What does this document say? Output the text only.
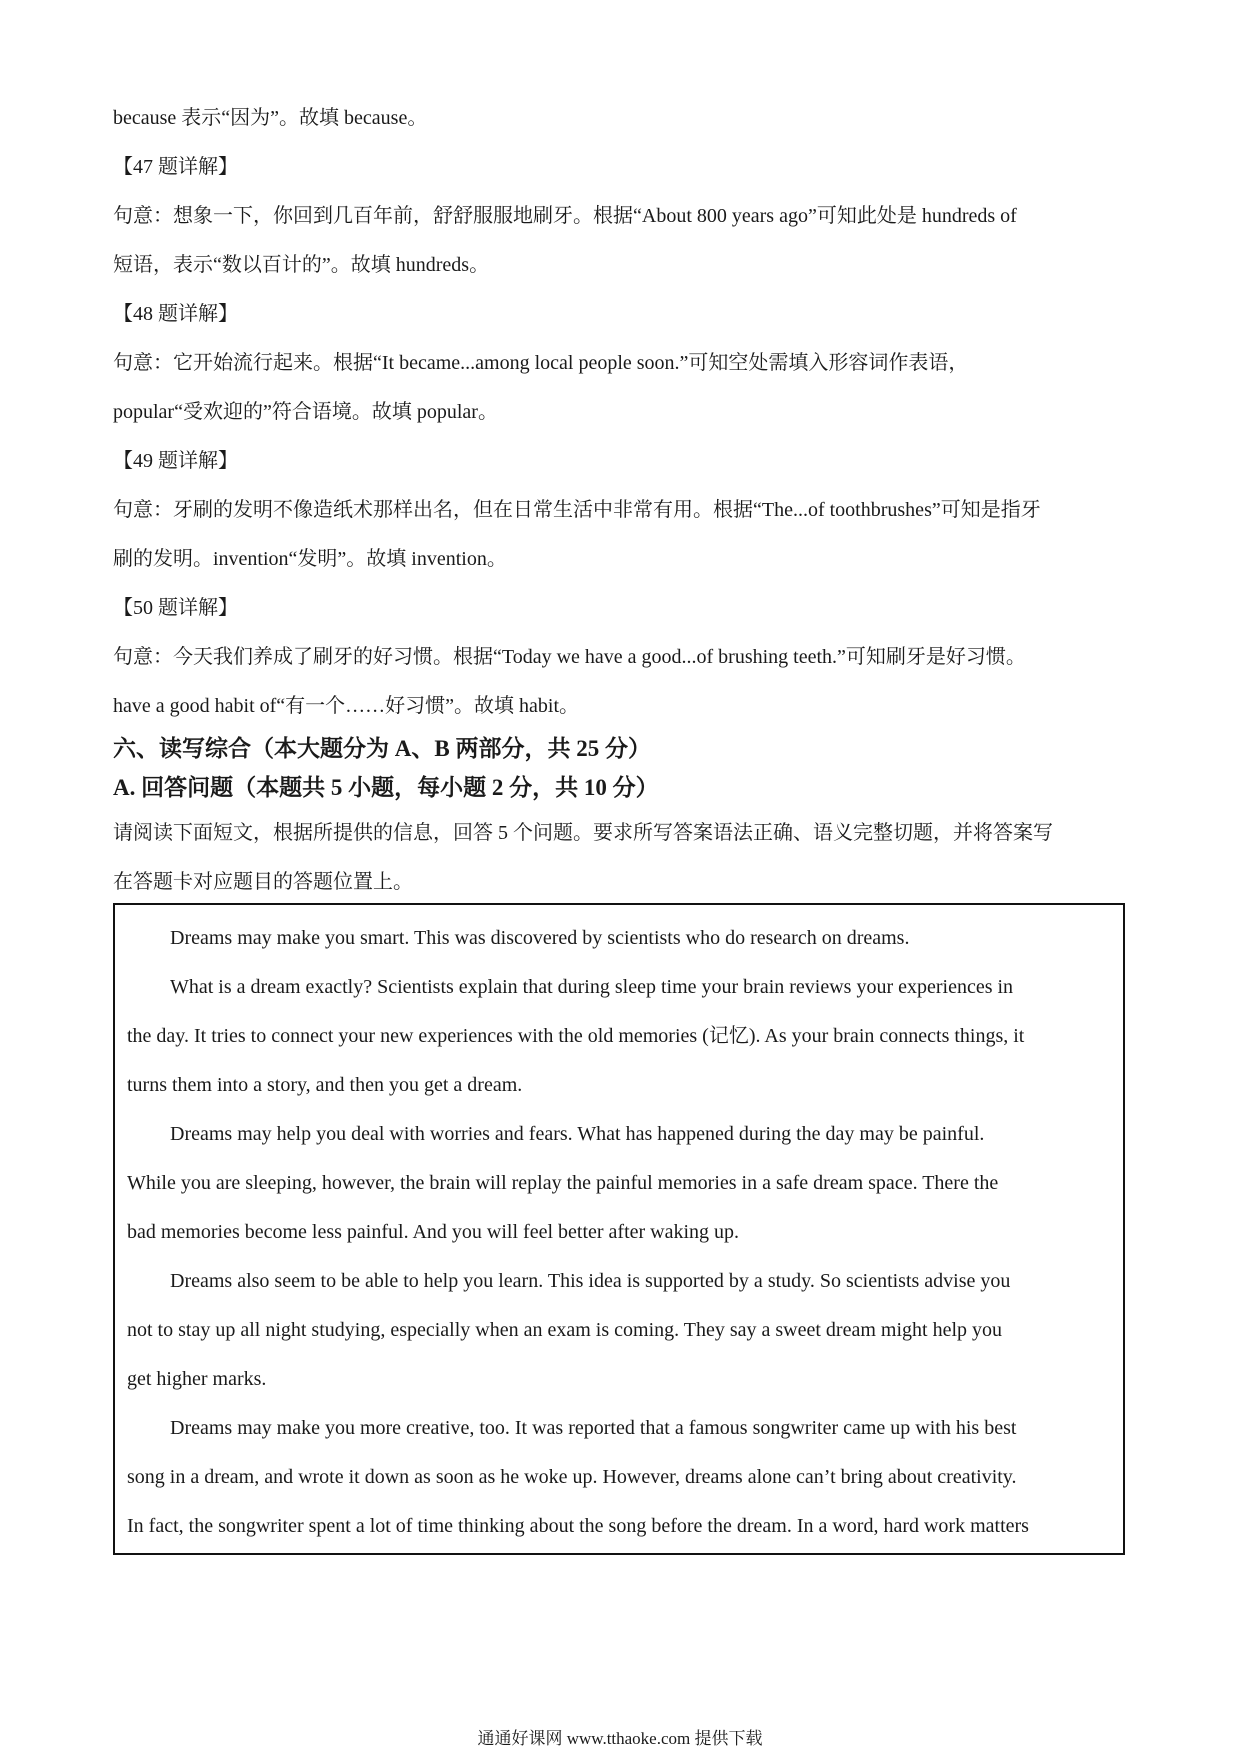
because 表示“因为”。故填 because。
【47 题详解】
句意：想象一下，你回到几百年前，舒舒服服地刷牙。根据“About 800 years ago”可知此处是 hundreds of
短语，表示“数以百计的”。故填 hundreds。
【48 题详解】
句意：它开始流行起来。根据“It became...among local people soon.”可知空处需填入形容词作表语，
popular“受欢迎的”符合语境。故填 popular。
【49 题详解】
句意：牙刷的发明不像造纸术那样出名，但在日常生活中非常有用。根据“The...of toothbrushes”可知是指牙
刷的发明。invention“发明”。故填 invention。
【50 题详解】
句意：今天我们养成了刷牙的好习惯。根据“Today we have a good...of brushing teeth.”可知刷牙是好习惯。
have a good habit of“有一个……好习惯”。故填 habit。
六、读写综合（本大题分为 A、B 两部分，共 25 分）
A. 回答问题（本题共 5 小题，每小题 2 分，共 10 分）
请阅读下面短文，根据所提供的信息，回答 5 个问题。要求所写答案语法正确、语义完整切题，并将答案写
在答题卡对应题目的答题位置上。
Dreams may make you smart. This was discovered by scientists who do research on dreams.
What is a dream exactly? Scientists explain that during sleep time your brain reviews your experiences in
the day. It tries to connect your new experiences with the old memories (记忆). As your brain connects things, it
turns them into a story, and then you get a dream.
Dreams may help you deal with worries and fears. What has happened during the day may be painful.
While you are sleeping, however, the brain will replay the painful memories in a safe dream space. There the
bad memories become less painful. And you will feel better after waking up.
Dreams also seem to be able to help you learn. This idea is supported by a study. So scientists advise you
not to stay up all night studying, especially when an exam is coming. They say a sweet dream might help you
get higher marks.
Dreams may make you more creative, too. It was reported that a famous songwriter came up with his best
song in a dream, and wrote it down as soon as he woke up. However, dreams alone can’t bring about creativity.
In fact, the songwriter spent a lot of time thinking about the song before the dream. In a word, hard work matters
通通好课网 www.tthaoke.com 提供下载
